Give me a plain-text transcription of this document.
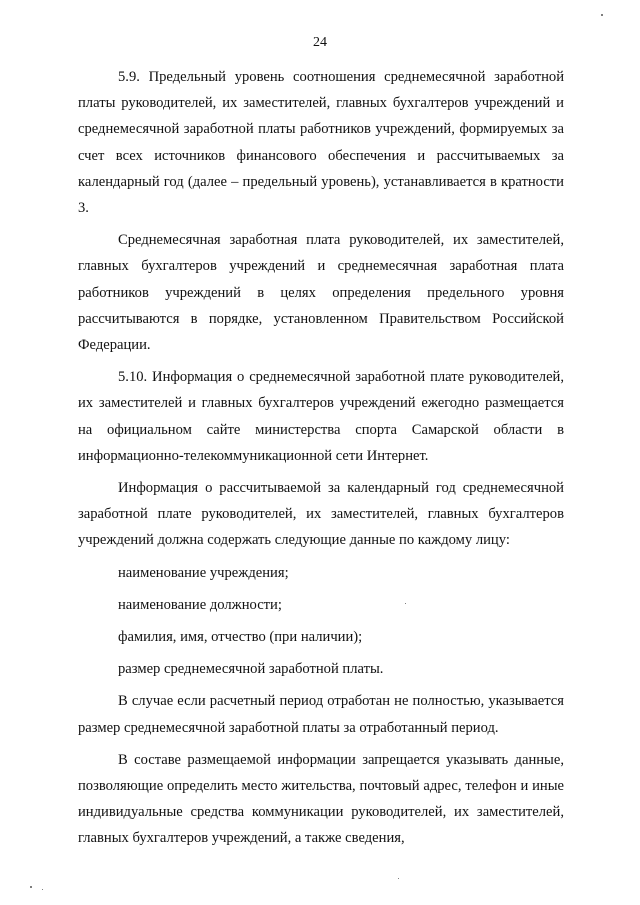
24

5.9. Предельный уровень соотношения среднемесячной заработной платы руководителей, их заместителей, главных бухгалтеров учреждений и среднемесячной заработной платы работников учреждений, формируемых за счет всех источников финансового обеспечения и рассчитываемых за календарный год (далее – предельный уровень), устанавливается в кратности 3.

Среднемесячная заработная плата руководителей, их заместителей, главных бухгалтеров учреждений и среднемесячная заработная плата работников учреждений в целях определения предельного уровня рассчитываются в порядке, установленном Правительством Российской Федерации.

5.10. Информация о среднемесячной заработной плате руководителей, их заместителей и главных бухгалтеров учреждений ежегодно размещается на официальном сайте министерства спорта Самарской области в информационно-телекоммуникационной сети Интернет.

Информация о рассчитываемой за календарный год среднемесячной заработной плате руководителей, их заместителей, главных бухгалтеров учреждений должна содержать следующие данные по каждому лицу:

наименование учреждения;

наименование должности;

фамилия, имя, отчество (при наличии);

размер среднемесячной заработной платы.

В случае если расчетный период отработан не полностью, указывается размер среднемесячной заработной платы за отработанный период.

В составе размещаемой информации запрещается указывать данные, позволяющие определить место жительства, почтовый адрес, телефон и иные индивидуальные средства коммуникации руководителей, их заместителей, главных бухгалтеров учреждений, а также сведения,
